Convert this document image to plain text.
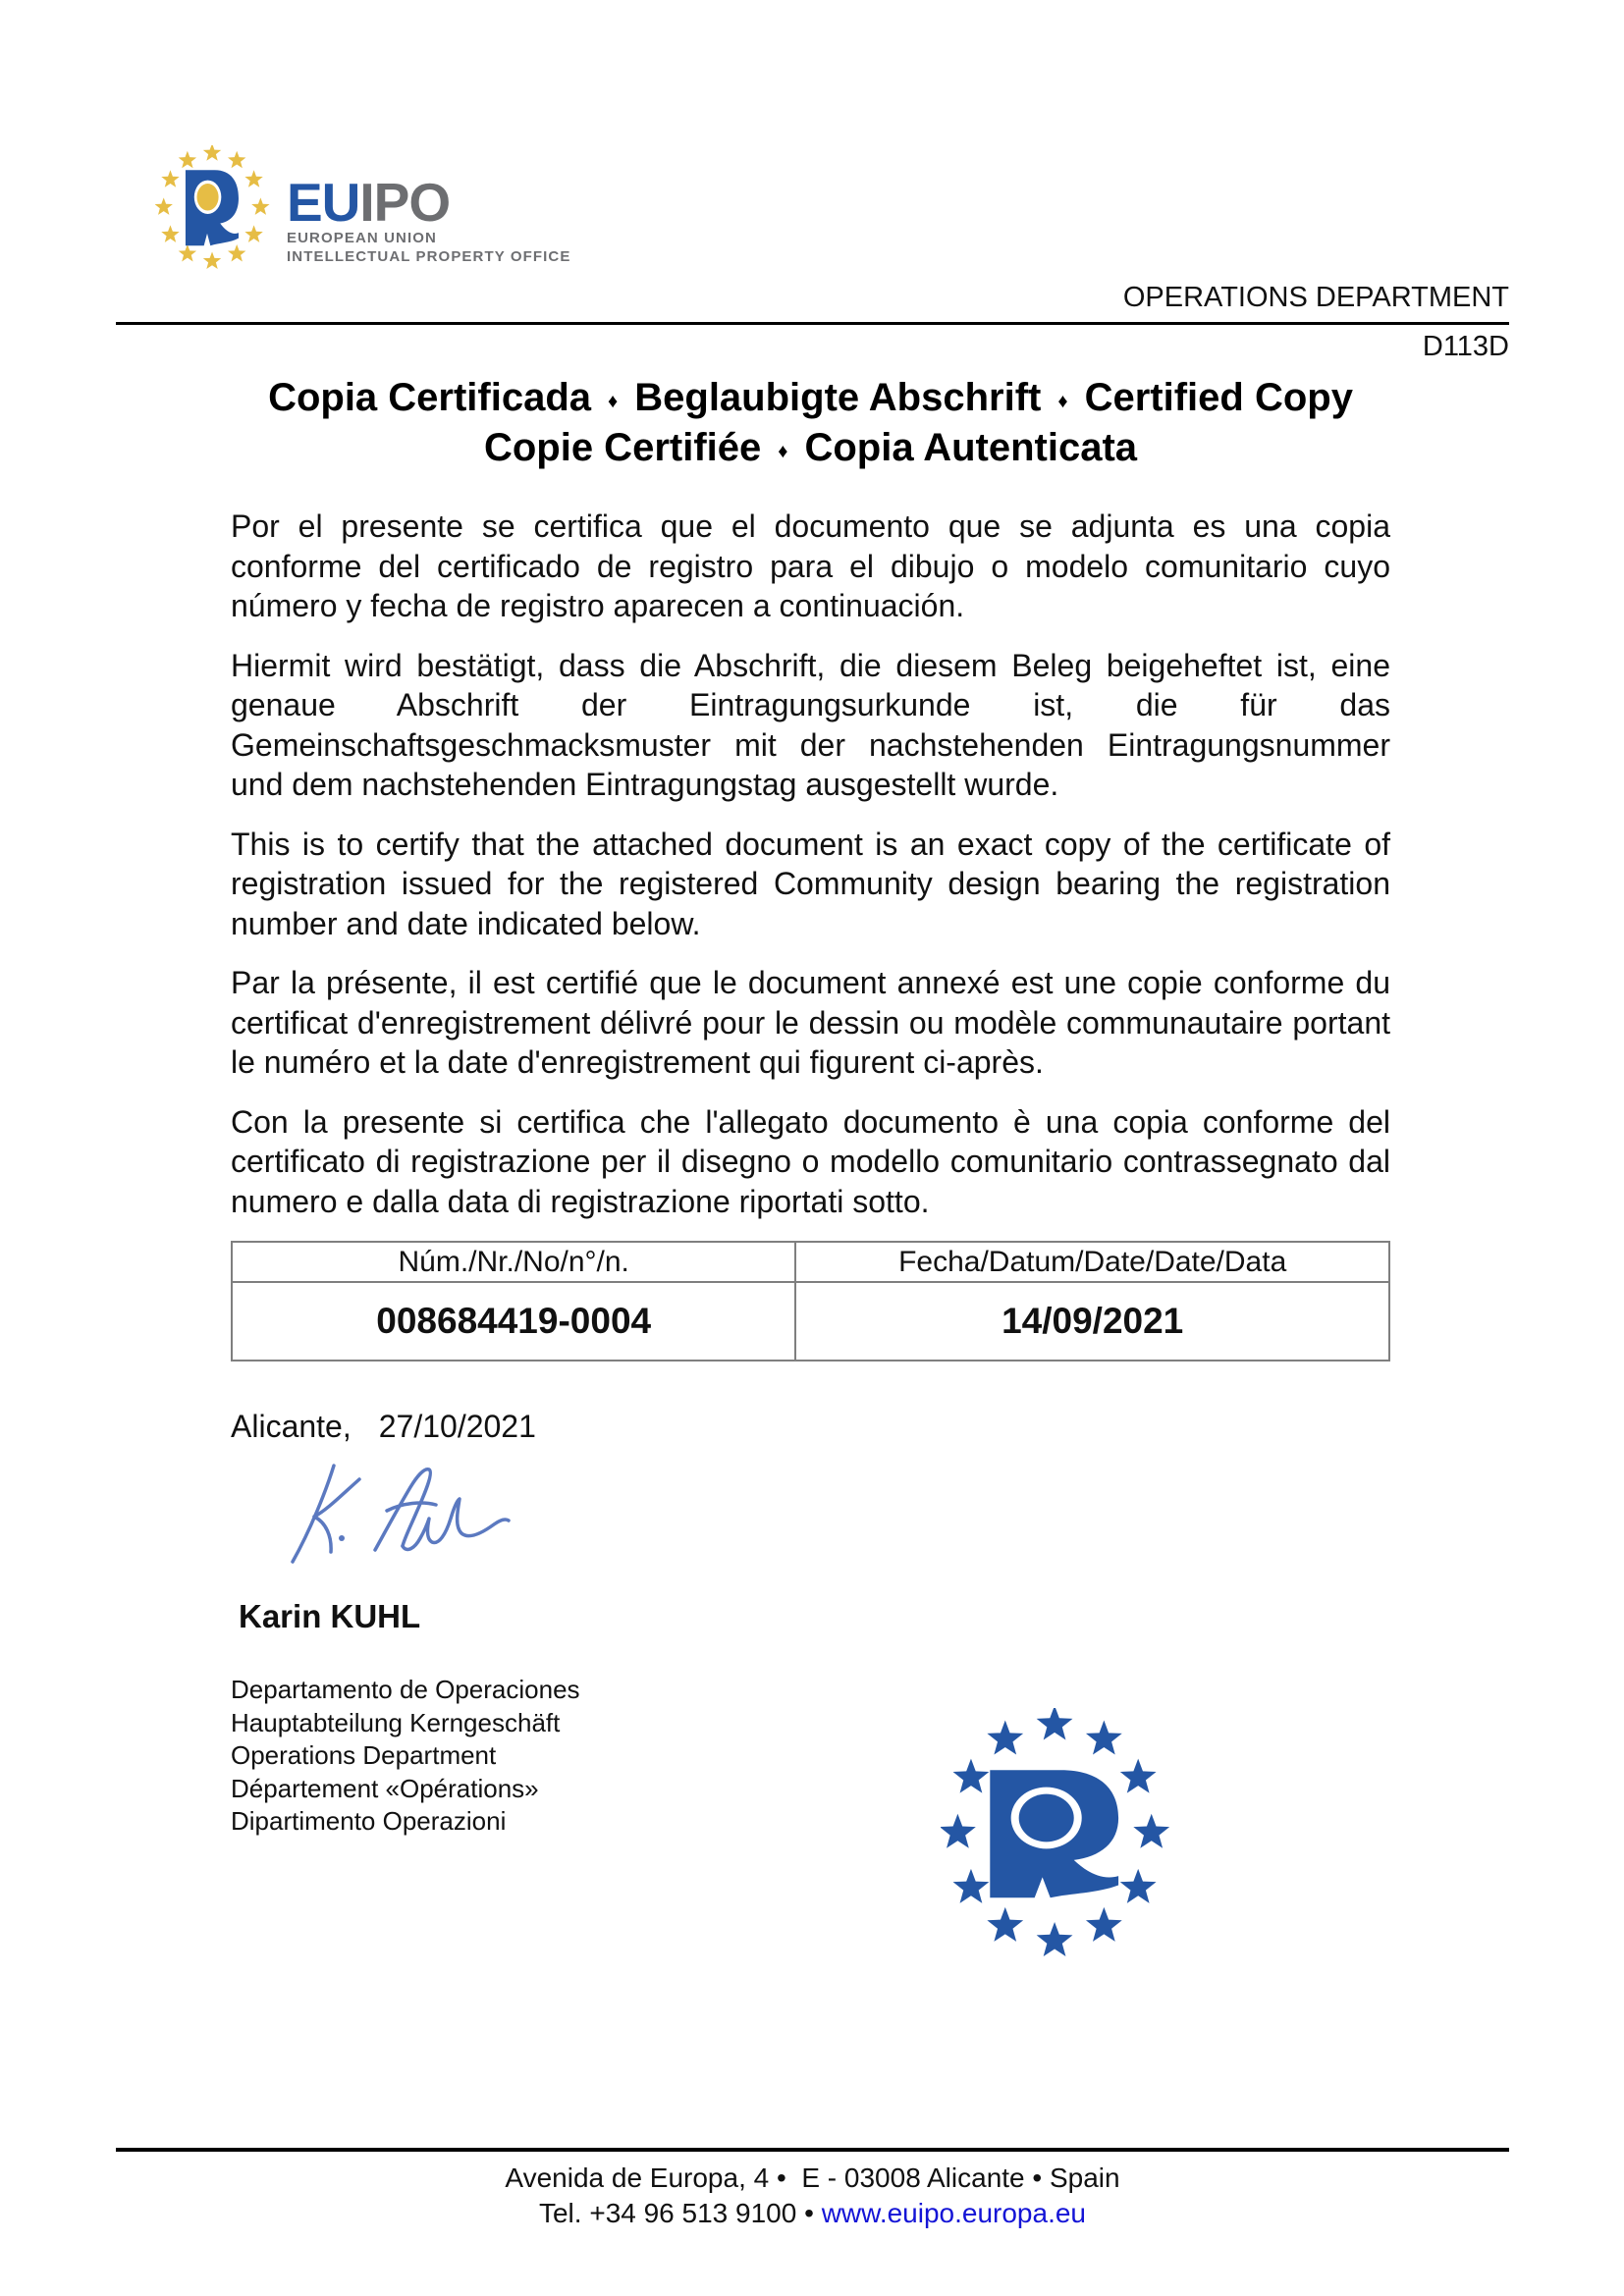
EUIPO
EUROPEAN UNION
INTELLECTUAL PROPERTY OFFICE
OPERATIONS DEPARTMENT
D113D
Copia Certificada ♦ Beglaubigte Abschrift ♦ Certified Copy
Copie Certifiée ♦ Copia Autenticata

Por el presente se certifica que el documento que se adjunta es una copia conforme del certificado de registro para el dibujo o modelo comunitario cuyo número y fecha de registro aparecen a continuación.

Hiermit wird bestätigt, dass die Abschrift, die diesem Beleg beigeheftet ist, eine genaue Abschrift der Eintragungsurkunde ist, die für das Gemeinschaftsgeschmacksmuster mit der nachstehenden Eintragungsnummer und dem nachstehenden Eintragungstag ausgestellt wurde.

This is to certify that the attached document is an exact copy of the certificate of registration issued for the registered Community design bearing the registration number and date indicated below.

Par la présente, il est certifié que le document annexé est une copie conforme du certificat d'enregistrement délivré pour le dessin ou modèle communautaire portant le numéro et la date d'enregistrement qui figurent ci-après.

Con la presente si certifica che l'allegato documento è una copia conforme del certificato di registrazione per il disegno o modello comunitario contrassegnato dal numero e dalla data di registrazione riportati sotto.

Núm./Nr./No/n°/n.	Fecha/Datum/Date/Date/Data
008684419-0004	14/09/2021
Alicante, 27/10/2021
Karin KUHL
Departamento de Operaciones
Hauptabteilung Kerngeschäft
Operations Department
Département «Opérations»
Dipartimento Operazioni
Avenida de Europa, 4 •  E - 03008 Alicante • Spain
Tel. +34 96 513 9100 • www.euipo.europa.eu
